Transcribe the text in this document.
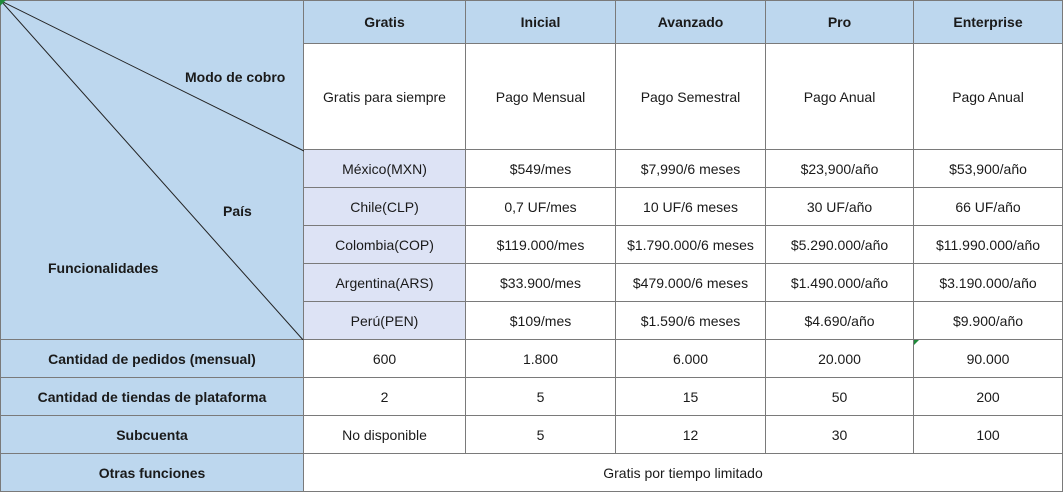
Modo de cobro
País
Funcionalidades
Gratis	Inicial	Avanzado	Pro	Enterprise
Gratis para siempre	Pago Mensual	Pago Semestral	Pago Anual	Pago Anual
México(MXN)	$549/mes	$7,990/6 meses	$23,900/año	$53,900/año
Chile(CLP)	0,7 UF/mes	10 UF/6 meses	30 UF/año	66 UF/año
Colombia(COP)	$119.000/mes	$1.790.000/6 meses	$5.290.000/año	$11.990.000/año
Argentina(ARS)	$33.900/mes	$479.000/6 meses	$1.490.000/año	$3.190.000/año
Perú(PEN)	$109/mes	$1.590/6 meses	$4.690/año	$9.900/año
Cantidad de pedidos (mensual)	600	1.800	6.000	20.000	90.000
Cantidad de tiendas de plataforma	2	5	15	50	200
Subcuenta	No disponible	5	12	30	100
Otras funciones	Gratis por tiempo limitado
